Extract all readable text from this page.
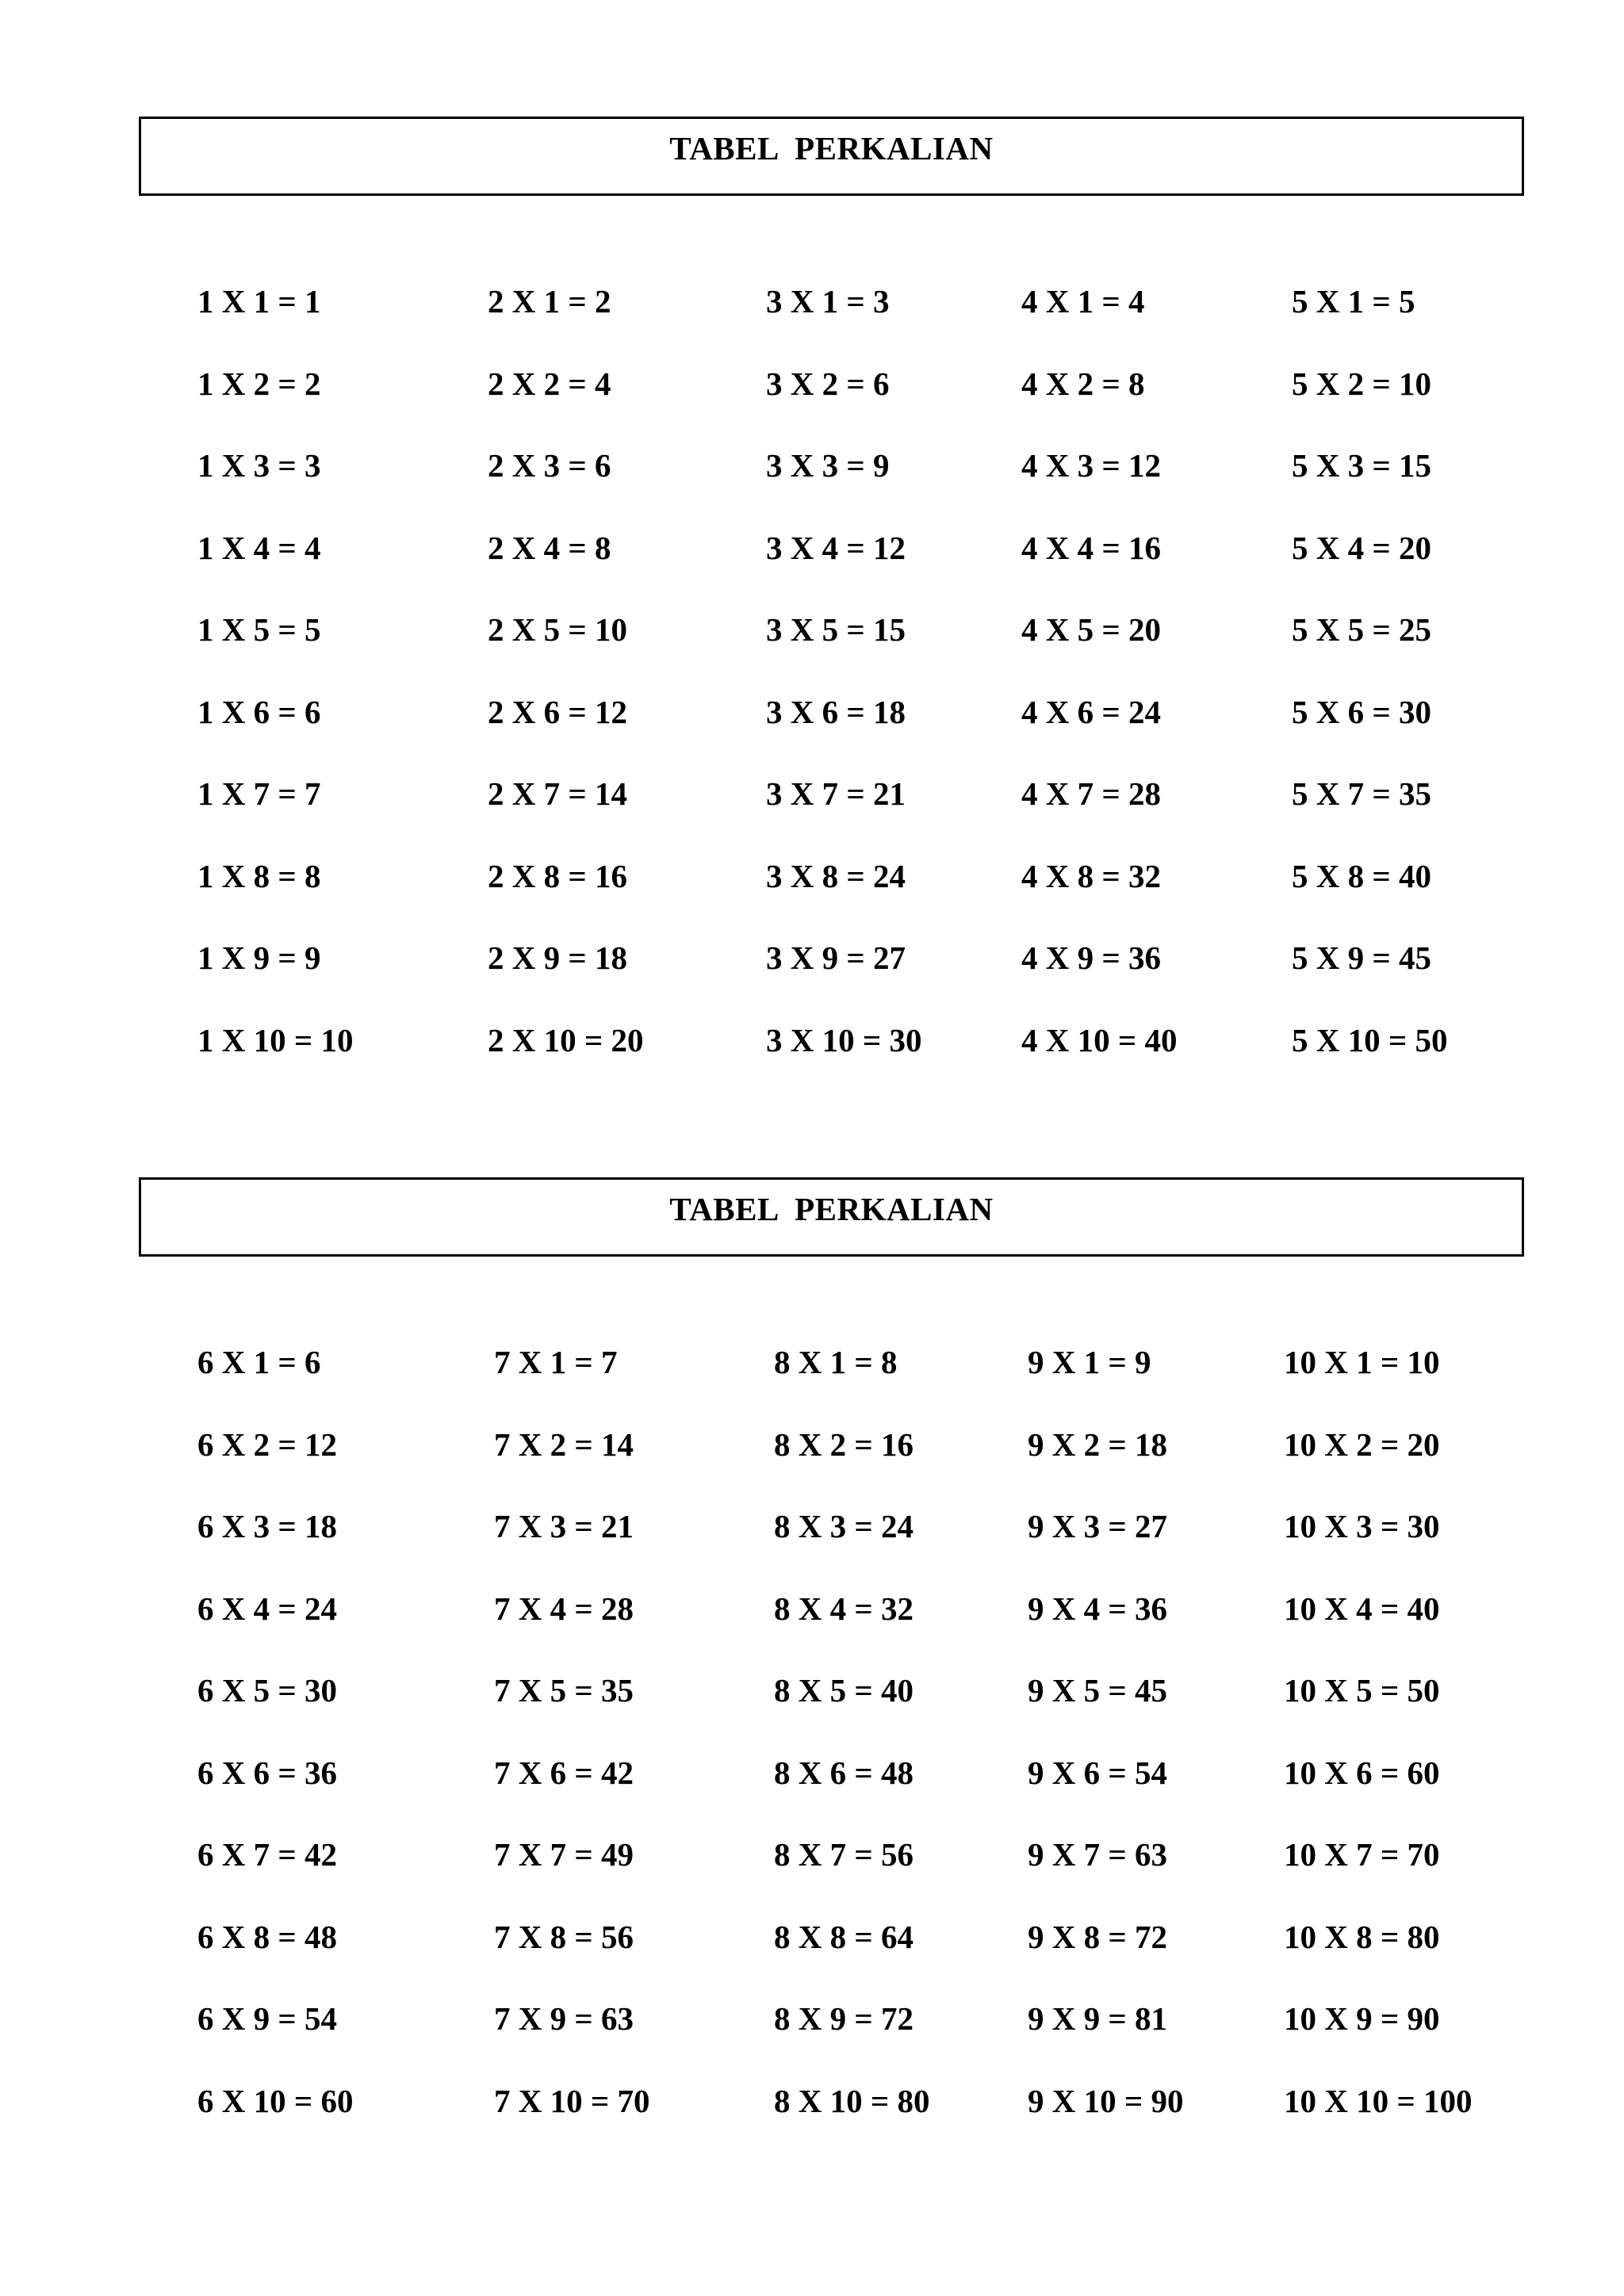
TABEL  PERKALIAN
1 X 1 = 1
1 X 2 = 2
1 X 3 = 3
1 X 4 = 4
1 X 5 = 5
1 X 6 = 6
1 X 7 = 7
1 X 8 = 8
1 X 9 = 9
1 X 10 = 10
2 X 1 = 2
2 X 2 = 4
2 X 3 = 6
2 X 4 = 8
2 X 5 = 10
2 X 6 = 12
2 X 7 = 14
2 X 8 = 16
2 X 9 = 18
2 X 10 = 20
3 X 1 = 3
3 X 2 = 6
3 X 3 = 9
3 X 4 = 12
3 X 5 = 15
3 X 6 = 18
3 X 7 = 21
3 X 8 = 24
3 X 9 = 27
3 X 10 = 30
4 X 1 = 4
4 X 2 = 8
4 X 3 = 12
4 X 4 = 16
4 X 5 = 20
4 X 6 = 24
4 X 7 = 28
4 X 8 = 32
4 X 9 = 36
4 X 10 = 40
5 X 1 = 5
5 X 2 = 10
5 X 3 = 15
5 X 4 = 20
5 X 5 = 25
5 X 6 = 30
5 X 7 = 35
5 X 8 = 40
5 X 9 = 45
5 X 10 = 50
TABEL  PERKALIAN
6 X 1 = 6
6 X 2 = 12
6 X 3 = 18
6 X 4 = 24
6 X 5 = 30
6 X 6 = 36
6 X 7 = 42
6 X 8 = 48
6 X 9 = 54
6 X 10 = 60
7 X 1 = 7
7 X 2 = 14
7 X 3 = 21
7 X 4 = 28
7 X 5 = 35
7 X 6 = 42
7 X 7 = 49
7 X 8 = 56
7 X 9 = 63
7 X 10 = 70
8 X 1 = 8
8 X 2 = 16
8 X 3 = 24
8 X 4 = 32
8 X 5 = 40
8 X 6 = 48
8 X 7 = 56
8 X 8 = 64
8 X 9 = 72
8 X 10 = 80
9 X 1 = 9
9 X 2 = 18
9 X 3 = 27
9 X 4 = 36
9 X 5 = 45
9 X 6 = 54
9 X 7 = 63
9 X 8 = 72
9 X 9 = 81
9 X 10 = 90
10 X 1 = 10
10 X 2 = 20
10 X 3 = 30
10 X 4 = 40
10 X 5 = 50
10 X 6 = 60
10 X 7 = 70
10 X 8 = 80
10 X 9 = 90
10 X 10 = 100
